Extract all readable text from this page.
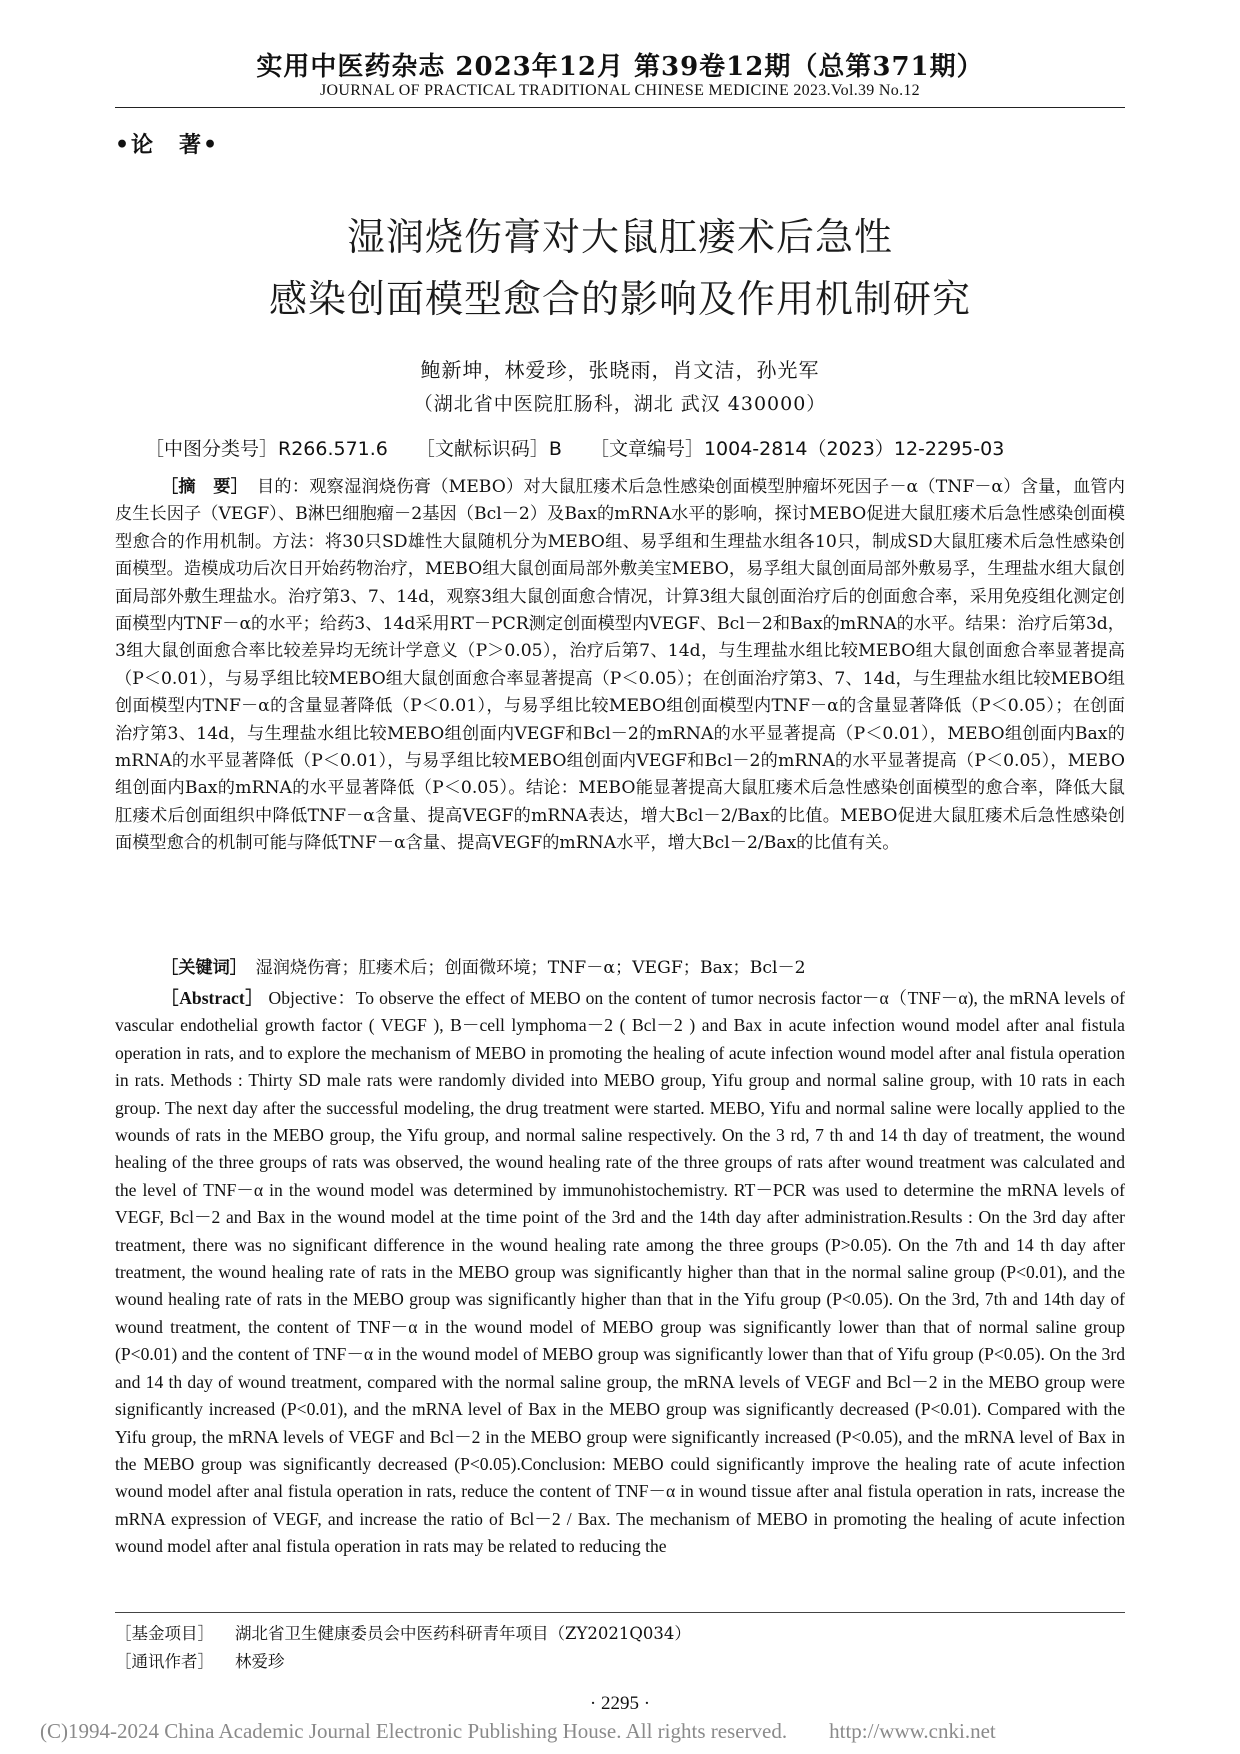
实用中医药杂志 2023年12月 第39卷12期（总第371期）
JOURNAL OF PRACTICAL TRADITIONAL CHINESE MEDICINE 2023.Vol.39 No.12
•论　著•
湿润烧伤膏对大鼠肛瘘术后急性
感染创面模型愈合的影响及作用机制研究
鲍新坤，林爱珍，张晓雨，肖文洁，孙光军
（湖北省中医院肛肠科，湖北 武汉 430000）
［中图分类号］R266.571.6 ［文献标识码］B ［文章编号］1004-2814（2023）12-2295-03

［摘　要］　 目的：观察湿润烧伤膏（MEBO）对大鼠肛瘘术后急性感染创面模型肿瘤坏死因子－α（TNF－α）含量，血管内皮生长因子（VEGF）、B淋巴细胞瘤－2基因（Bcl－2）及Bax的mRNA水平的影响，探讨MEBO促进大鼠肛瘘术后急性感染创面模型愈合的作用机制。方法：将30只SD雄性大鼠随机分为MEBO组、易孚组和生理盐水组各10只，制成SD大鼠肛瘘术后急性感染创面模型。造模成功后次日开始药物治疗，MEBO组大鼠创面局部外敷美宝MEBO，易孚组大鼠创面局部外敷易孚，生理盐水组大鼠创面局部外敷生理盐水。治疗第3、7、14d，观察3组大鼠创面愈合情况，计算3组大鼠创面治疗后的创面愈合率，采用免疫组化测定创面模型内TNF－α的水平；给药3、14d采用RT－PCR测定创面模型内VEGF、Bcl－2和Bax的mRNA的水平。结果：治疗后第3d，3组大鼠创面愈合率比较差异均无统计学意义（P＞0.05），治疗后第7、14d，与生理盐水组比较MEBO组大鼠创面愈合率显著提高（P＜0.01），与易孚组比较MEBO组大鼠创面愈合率显著提高（P＜0.05）；在创面治疗第3、7、14d，与生理盐水组比较MEBO组创面模型内TNF－α的含量显著降低（P＜0.01），与易孚组比较MEBO组创面模型内TNF－α的含量显著降低（P＜0.05）；在创面治疗第3、14d，与生理盐水组比较MEBO组创面内VEGF和Bcl－2的mRNA的水平显著提高（P＜0.01），MEBO组创面内Bax的mRNA的水平显著降低（P＜0.01），与易孚组比较MEBO组创面内VEGF和Bcl－2的mRNA的水平显著提高（P＜0.05），MEBO组创面内Bax的mRNA的水平显著降低（P＜0.05）。结论：MEBO能显著提高大鼠肛瘘术后急性感染创面模型的愈合率，降低大鼠肛瘘术后创面组织中降低TNF－α含量、提高VEGF的mRNA表达，增大Bcl－2/Bax的比值。MEBO促进大鼠肛瘘术后急性感染创面模型愈合的机制可能与降低TNF－α含量、提高VEGF的mRNA水平，增大Bcl－2/Bax的比值有关。

［关键词］　 湿润烧伤膏；肛瘘术后；创面微环境；TNF－α；VEGF；Bax；Bcl－2

［Abstract］ Objective：To observe the effect of MEBO on the content of tumor necrosis factor－α（TNF－α), the mRNA levels of vascular endothelial growth factor ( VEGF ), B－cell lymphoma－2 ( Bcl－2 ) and Bax in acute infection wound model after anal fistula operation in rats, and to explore the mechanism of MEBO in promoting the healing of acute infection wound model after anal fistula operation in rats. Methods : Thirty SD male rats were randomly divided into MEBO group, Yifu group and normal saline group, with 10 rats in each group. The next day after the successful modeling, the drug treatment were started. MEBO, Yifu and normal saline were locally applied to the wounds of rats in the MEBO group, the Yifu group, and normal saline respectively. On the 3 rd, 7 th and 14 th day of treatment, the wound healing of the three groups of rats was observed, the wound healing rate of the three groups of rats after wound treatment was calculated and the level of TNF－α in the wound model was determined by immunohistochemistry. RT－PCR was used to determine the mRNA levels of VEGF, Bcl－2 and Bax in the wound model at the time point of the 3rd and the 14th day after administration.Results : On the 3rd day after treatment, there was no significant difference in the wound healing rate among the three groups (P>0.05). On the 7th and 14 th day after treatment, the wound healing rate of rats in the MEBO group was significantly higher than that in the normal saline group (P<0.01), and the wound healing rate of rats in the MEBO group was significantly higher than that in the Yifu group (P<0.05). On the 3rd, 7th and 14th day of wound treatment, the content of TNF－α in the wound model of MEBO group was significantly lower than that of normal saline group (P<0.01) and the content of TNF－α in the wound model of MEBO group was significantly lower than that of Yifu group (P<0.05). On the 3rd and 14 th day of wound treatment, compared with the normal saline group, the mRNA levels of VEGF and Bcl－2 in the MEBO group were significantly increased (P<0.01), and the mRNA level of Bax in the MEBO group was significantly decreased (P<0.01). Compared with the Yifu group, the mRNA levels of VEGF and Bcl－2 in the MEBO group were significantly increased (P<0.05), and the mRNA level of Bax in the MEBO group was significantly decreased (P<0.05).Conclusion: MEBO could significantly improve the healing rate of acute infection wound model after anal fistula operation in rats, reduce the content of TNF－α in wound tissue after anal fistula operation in rats, increase the mRNA expression of VEGF, and increase the ratio of Bcl－2 / Bax. The mechanism of MEBO in promoting the healing of acute infection wound model after anal fistula operation in rats may be related to reducing the

［基金项目］ 湖北省卫生健康委员会中医药科研青年项目（ZY2021Q034）
［通讯作者］ 林爱珍
· 2295 ·
(C)1994-2024 China Academic Journal Electronic Publishing House. All rights reserved.　　http://www.cnki.net
